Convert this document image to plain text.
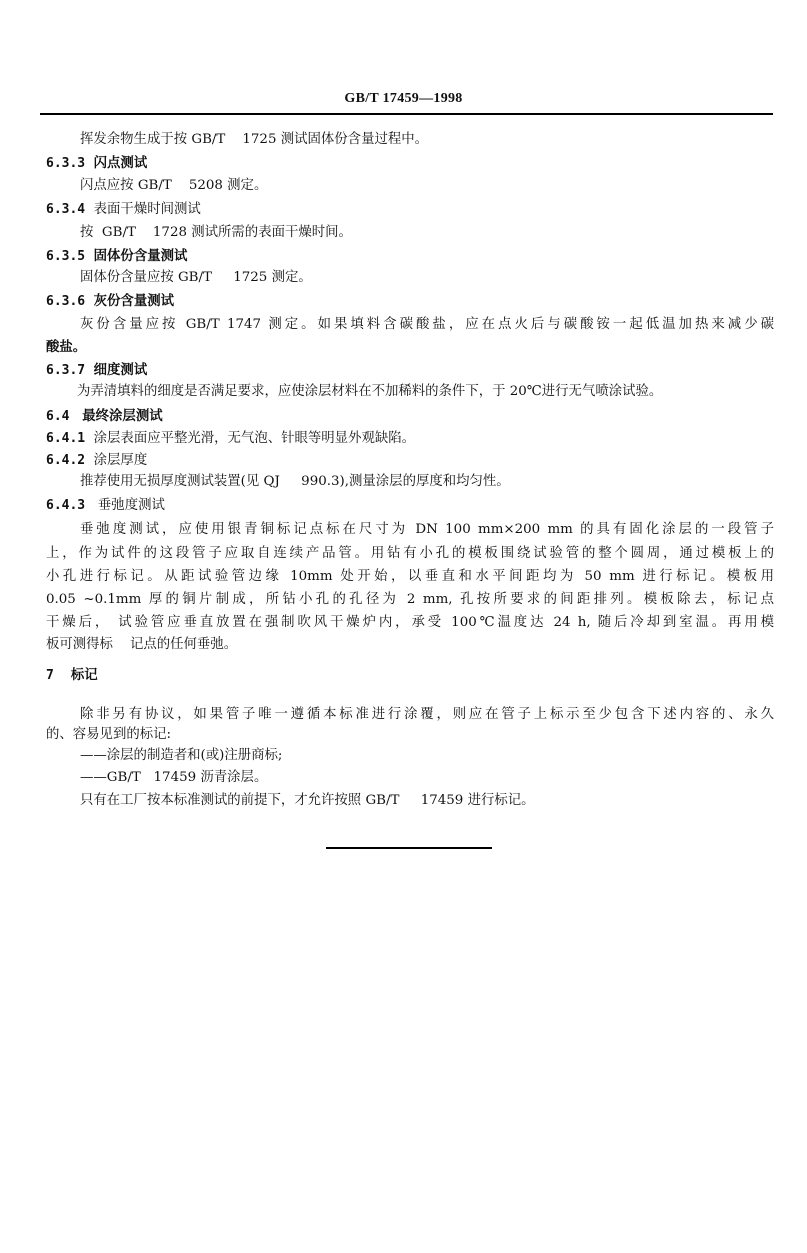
GB/T 17459—1998
挥发余物生成于按 GB/T    1725 测试固体份含量过程中。
6.3.3 闪点测试
闪点应按 GB/T    5208 测定。
6.3.4 表面干燥时间测试
按  GB/T    1728 测试所需的表面干燥时间。
6.3.5 固体份含量测试
固体份含量应按 GB/T     1725 测定。
6.3.6 灰份含量测试
灰份含量应按 GB/T 1747 测定。如果填料含碳酸盐，应在点火后与碳酸铵一起低温加热来减少碳
酸盐。
6.3.7 细度测试
为弄清填料的细度是否满足要求，应使涂层材料在不加稀料的条件下，于 20℃进行无气喷涂试验。
6.4 最终涂层测试
6.4.1 涂层表面应平整光滑，无气泡、针眼等明显外观缺陷。
6.4.2 涂层厚度
推荐使用无损厚度测试装置(见 QJ     990.3),测量涂层的厚度和均匀性。
6.4.3 垂弛度测试
垂弛度测试，应使用银青铜标记点标在尺寸为 DN 100 mm×200 mm 的具有固化涂层的一段管子
上，作为试件的这段管子应取自连续产品管。用钻有小孔的模板围绕试验管的整个圆周，通过模板上的
小孔进行标记。从距试验管边缘 10mm 处开始，以垂直和水平间距均为 50 mm 进行标记。模板用
0.05 ~0.1mm 厚的铜片制成，所钻小孔的孔径为 2 mm, 孔按所要求的间距排列。模板除去，标记点
干燥后， 试验管应垂直放置在强制吹风干燥炉内，承受 100℃温度达 24 h, 随后冷却到室温。再用模
板可测得标    记点的任何垂弛。
7 标记
除非另有协议，如果管子唯一遵循本标准进行涂覆，则应在管子上标示至少包含下述内容的、永久
的、容易见到的标记:
——涂层的制造者和(或)注册商标;
——GB/T   17459 沥青涂层。
只有在工厂按本标准测试的前提下，才允许按照 GB/T     17459 进行标记。
